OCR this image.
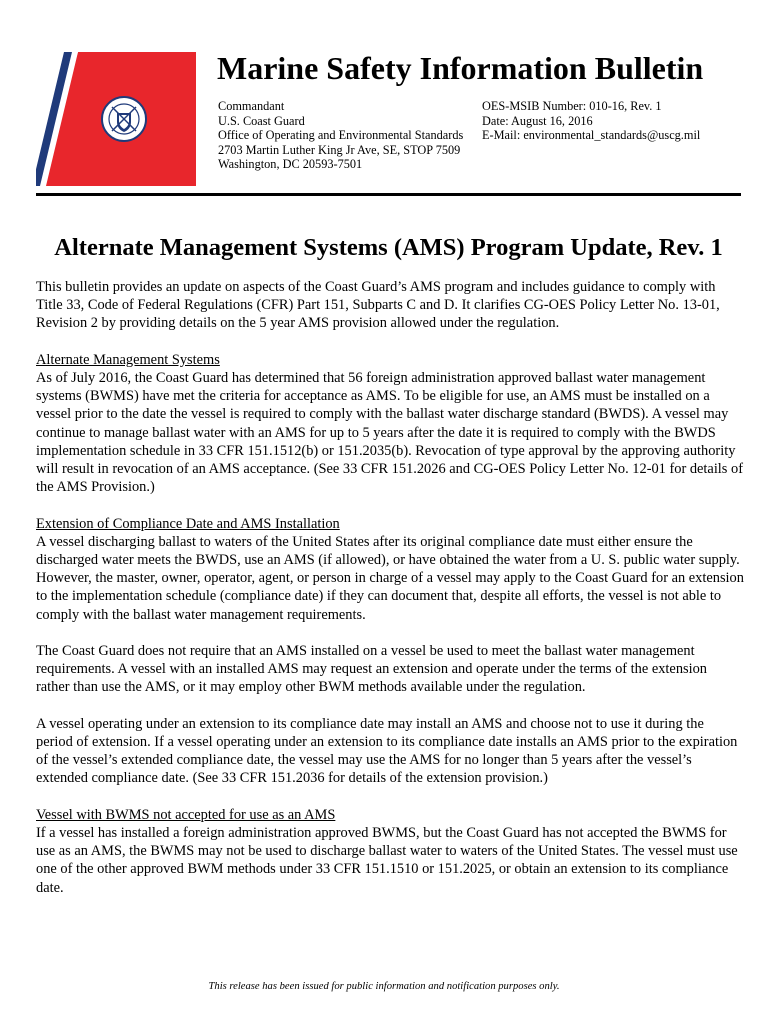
Marine Safety Information Bulletin
Commandant
U.S. Coast Guard
Office of Operating and Environmental Standards
2703 Martin Luther King Jr Ave, SE, STOP 7509
Washington, DC 20593-7501
OES-MSIB Number: 010-16, Rev. 1
Date: August 16, 2016
E-Mail: environmental_standards@uscg.mil
Alternate Management Systems (AMS) Program Update, Rev. 1

This bulletin provides an update on aspects of the Coast Guard’s AMS program and includes guidance to comply with Title 33, Code of Federal Regulations (CFR) Part 151, Subparts C and D. It clarifies CG-OES Policy Letter No. 13-01, Revision 2 by providing details on the 5 year AMS provision allowed under the regulation.

Alternate Management Systems

As of July 2016, the Coast Guard has determined that 56 foreign administration approved ballast water management systems (BWMS) have met the criteria for acceptance as AMS. To be eligible for use, an AMS must be installed on a vessel prior to the date the vessel is required to comply with the ballast water discharge standard (BWDS). A vessel may continue to manage ballast water with an AMS for up to 5 years after the date it is required to comply with the BWDS implementation schedule in 33 CFR 151.1512(b) or 151.2035(b). Revocation of type approval by the approving authority will result in revocation of an AMS acceptance. (See 33 CFR 151.2026 and CG-OES Policy Letter No. 12-01 for details of the AMS Provision.)

Extension of Compliance Date and AMS Installation

A vessel discharging ballast to waters of the United States after its original compliance date must either ensure the discharged water meets the BWDS, use an AMS (if allowed), or have obtained the water from a U. S. public water supply. However, the master, owner, operator, agent, or person in charge of a vessel may apply to the Coast Guard for an extension to the implementation schedule (compliance date) if they can document that, despite all efforts, the vessel is not able to comply with the ballast water management requirements.

The Coast Guard does not require that an AMS installed on a vessel be used to meet the ballast water management requirements. A vessel with an installed AMS may request an extension and operate under the terms of the extension rather than use the AMS, or it may employ other BWM methods available under the regulation.

A vessel operating under an extension to its compliance date may install an AMS and choose not to use it during the period of extension. If a vessel operating under an extension to its compliance date installs an AMS prior to the expiration of the vessel’s extended compliance date, the vessel may use the AMS for no longer than 5 years after the vessel’s extended compliance date. (See 33 CFR 151.2036 for details of the extension provision.)

Vessel with BWMS not accepted for use as an AMS

If a vessel has installed a foreign administration approved BWMS, but the Coast Guard has not accepted the BWMS for use as an AMS, the BWMS may not be used to discharge ballast water to waters of the United States. The vessel must use one of the other approved BWM methods under 33 CFR 151.1510 or 151.2025, or obtain an extension to its compliance date.

This release has been issued for public information and notification purposes only.
